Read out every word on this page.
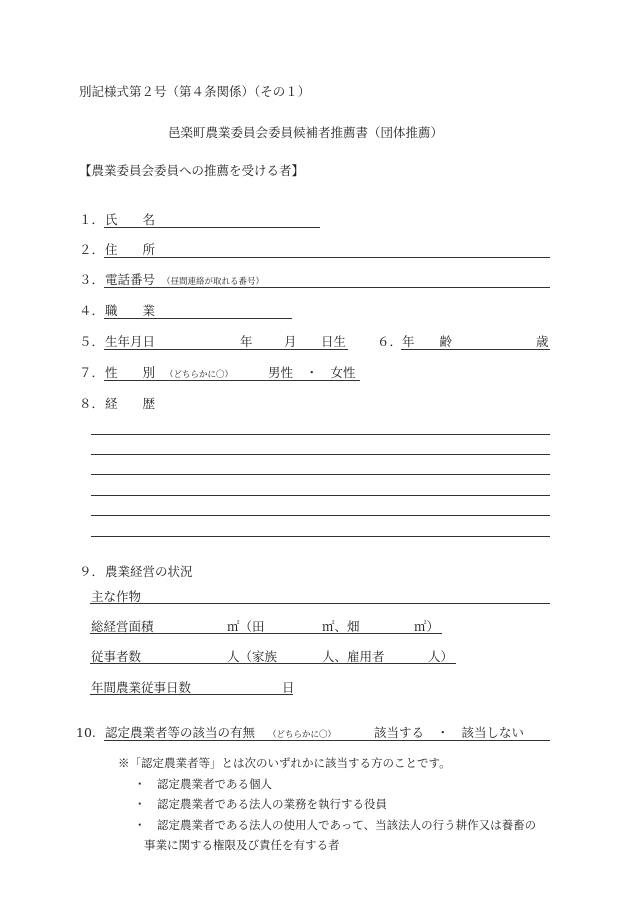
別記様式第２号（第４条関係）（その１）
邑楽町農業委員会委員候補者推薦書（団体推薦）
【農業委員会委員への推薦を受ける者】
１． 氏　　名
２． 住　　所
３． 電話番号 （昼間連絡が取れる番号）
４． 職　　業
５． 生年月日	年	月 日生 ６． 年　　齢	歳
７． 性　　別 （どちらかに〇）	男性　・　女性
８． 経　　歴
９． 農業経営の状況
主な作物
総経営面積	㎡（田	㎡、畑	㎡）
従事者数	人（家族	人、雇用者	人）
年間農業従事日数	日
10. 認定農業者等の該当の有無 （どちらかに〇）	該当する　・　該当しない
※「認定農業者等」とは次のいずれかに該当する方のことです。
・　認定農業者である個人
・　認定農業者である法人の業務を執行する役員
・　認定農業者である法人の使用人であって、当該法人の行う耕作又は養畜の
事業に関する権限及び責任を有する者
